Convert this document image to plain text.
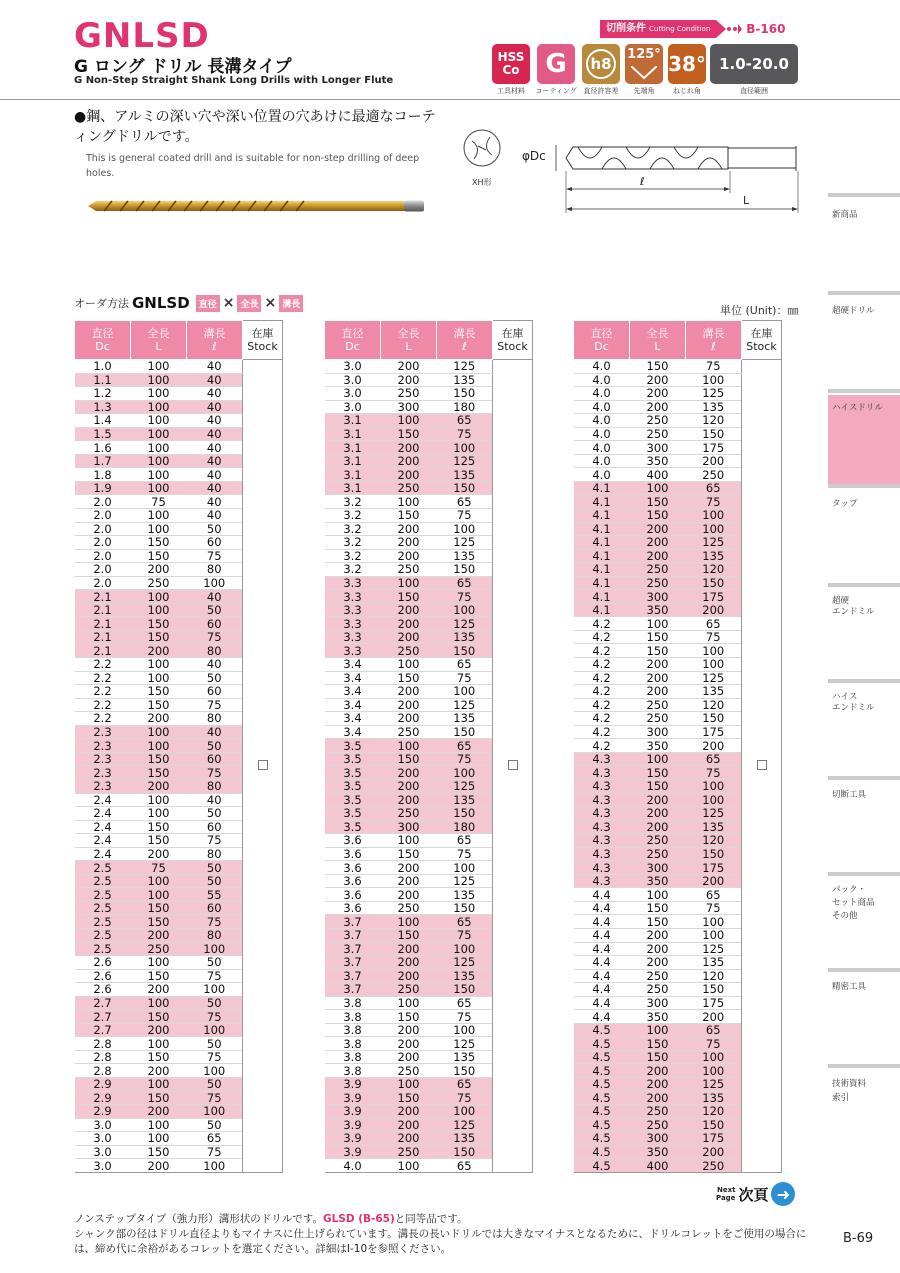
GNLSD
G ロング ドリル 長溝タイプ
G Non-Step Straight Shank Long Drills with Longer Flute
切削条件 Cutting Condition	B-160
HSS
Co G	h8
125° 38° 1.0-20.0
工具材料	コーティング 直径許容差	先端角	ねじれ角	直径範囲
●鋼、アルミの深い穴や深い位置の穴あけに最適なコーティングドリルです。
This is general coated drill and is suitable for non-step drilling of deep holes.
XH形
φDc
ℓ
L
新商品
超硬ドリル
ハイスドリル
タップ
超硬
エンドミル
ハイス
エンドミル
切断工具
パック・
セット商品
その他
精密工具
技術資料
索引
オーダ方法 GNLSD	直径 × 全長 × 溝長	単位 (Unit)：㎜
直径
Dc	全長
L	溝長
ℓ	在庫
Stock
1.0	100	40	
1.1	100	40	
1.2	100	40	
1.3	100	40	
1.4	100	40	
1.5	100	40	
1.6	100	40	
1.7	100	40	
1.8	100	40	
1.9	100	40	
2.0	75	40	
2.0	100	40	
2.0	100	50	
2.0	150	60	
2.0	150	75	
2.0	200	80	
2.0	250	100	
2.1	100	40	
2.1	100	50	
2.1	150	60	
2.1	150	75	
2.1	200	80	
2.2	100	40	
2.2	100	50	
2.2	150	60	
2.2	150	75	
2.2	200	80	
2.3	100	40	
2.3	100	50	
2.3	150	60	
2.3	150	75	
2.3	200	80	
2.4	100	40	
2.4	100	50	
2.4	150	60	
2.4	150	75	
2.4	200	80	
2.5	75	50	
2.5	100	50	
2.5	100	55	
2.5	150	60	
2.5	150	75	
2.5	200	80	
2.5	250	100	
2.6	100	50	
2.6	150	75	
2.6	200	100	
2.7	100	50	
2.7	150	75	
2.7	200	100	
2.8	100	50	
2.8	150	75	
2.8	200	100	
2.9	100	50	
2.9	150	75	
2.9	200	100	
3.0	100	50	
3.0	100	65	
3.0	150	75	
3.0	200	100	
直径
Dc	全長
L	溝長
ℓ	在庫
Stock
3.0	200	125	
3.0	200	135	
3.0	250	150	
3.0	300	180	
3.1	100	65	
3.1	150	75	
3.1	200	100	
3.1	200	125	
3.1	200	135	
3.1	250	150	
3.2	100	65	
3.2	150	75	
3.2	200	100	
3.2	200	125	
3.2	200	135	
3.2	250	150	
3.3	100	65	
3.3	150	75	
3.3	200	100	
3.3	200	125	
3.3	200	135	
3.3	250	150	
3.4	100	65	
3.4	150	75	
3.4	200	100	
3.4	200	125	
3.4	200	135	
3.4	250	150	
3.5	100	65	
3.5	150	75	
3.5	200	100	
3.5	200	125	
3.5	200	135	
3.5	250	150	
3.5	300	180	
3.6	100	65	
3.6	150	75	
3.6	200	100	
3.6	200	125	
3.6	200	135	
3.6	250	150	
3.7	100	65	
3.7	150	75	
3.7	200	100	
3.7	200	125	
3.7	200	135	
3.7	250	150	
3.8	100	65	
3.8	150	75	
3.8	200	100	
3.8	200	125	
3.8	200	135	
3.8	250	150	
3.9	100	65	
3.9	150	75	
3.9	200	100	
3.9	200	125	
3.9	200	135	
3.9	250	150	
4.0	100	65	
直径
Dc	全長
L	溝長
ℓ	在庫
Stock
4.0	150	75	
4.0	200	100	
4.0	200	125	
4.0	200	135	
4.0	250	120	
4.0	250	150	
4.0	300	175	
4.0	350	200	
4.0	400	250	
4.1	100	65	
4.1	150	75	
4.1	150	100	
4.1	200	100	
4.1	200	125	
4.1	200	135	
4.1	250	120	
4.1	250	150	
4.1	300	175	
4.1	350	200	
4.2	100	65	
4.2	150	75	
4.2	150	100	
4.2	200	100	
4.2	200	125	
4.2	200	135	
4.2	250	120	
4.2	250	150	
4.2	300	175	
4.2	350	200	
4.3	100	65	
4.3	150	75	
4.3	150	100	
4.3	200	100	
4.3	200	125	
4.3	200	135	
4.3	250	120	
4.3	250	150	
4.3	300	175	
4.3	350	200	
4.4	100	65	
4.4	150	75	
4.4	150	100	
4.4	200	100	
4.4	200	125	
4.4	200	135	
4.4	250	120	
4.4	250	150	
4.4	300	175	
4.4	350	200	
4.5	100	65	
4.5	150	75	
4.5	150	100	
4.5	200	100	
4.5	200	125	
4.5	200	135	
4.5	250	120	
4.5	250	150	
4.5	300	175	
4.5	350	200	
4.5	400	250	
Next
Page 次頁 ➜
ノンステップタイプ（強力形）溝形状のドリルです。GLSD (B-65)と同等品です。
シャンク部の径はドリル直径よりもマイナスに仕上げられています。溝長の長いドリルでは大きなマイナスとなるために、ドリルコレットをご使用の場合には、締め代に余裕があるコレットを選定ください。詳細はI-10を参照ください。
B-69
